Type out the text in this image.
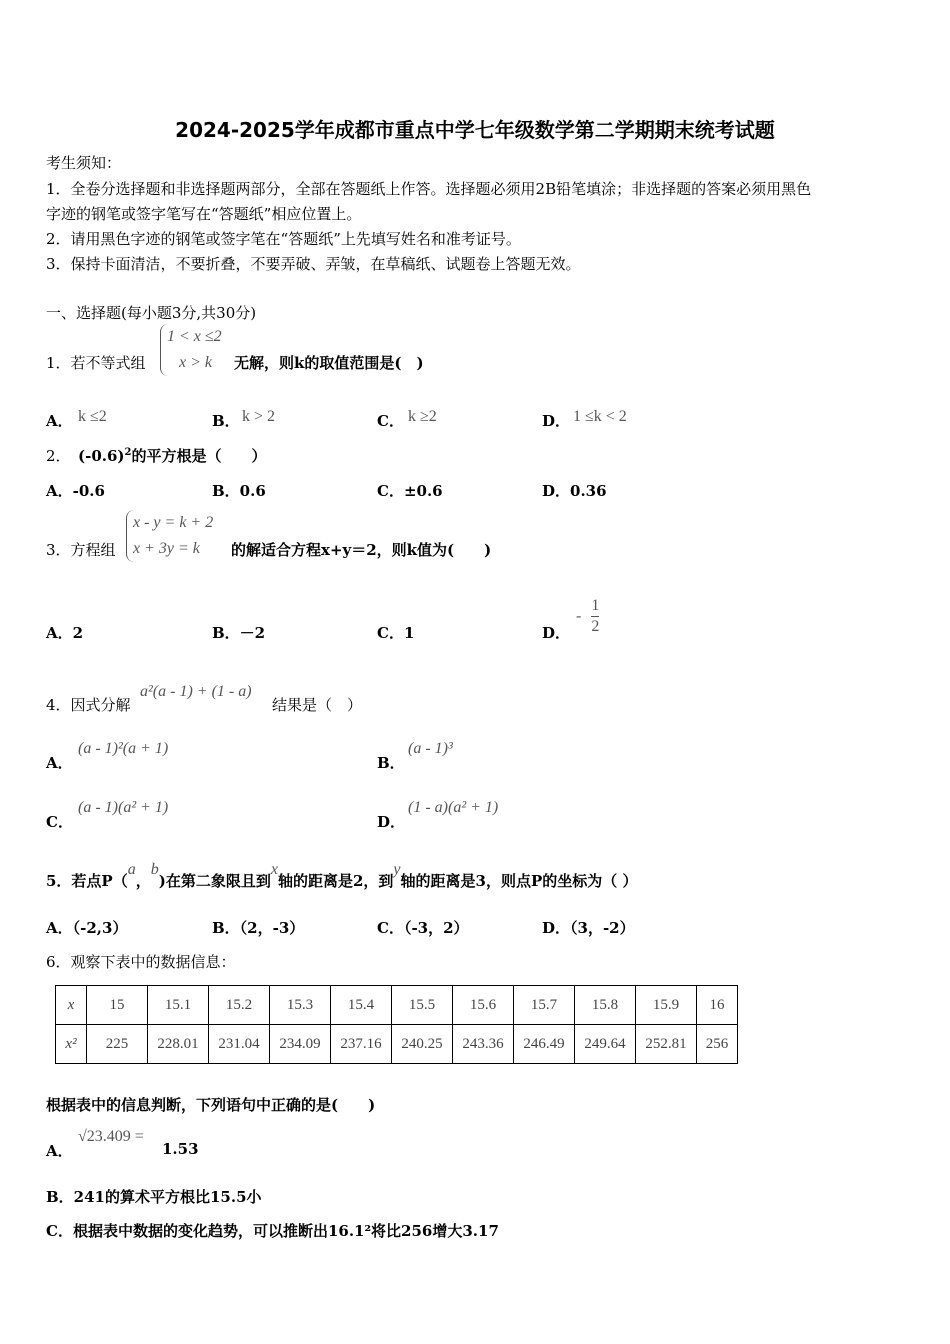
2024-2025学年成都市重点中学七年级数学第二学期期末统考试题
考生须知：
1．全卷分选择题和非选择题两部分，全部在答题纸上作答。选择题必须用2B铅笔填涂；非选择题的答案必须用黑色
字迹的钢笔或签字笔写在“答题纸”相应位置上。
2．请用黑色字迹的钢笔或签字笔在“答题纸”上先填写姓名和准考证号。
3．保持卡面清洁，不要折叠，不要弄破、弄皱，在草稿纸、试题卷上答题无效。
一、选择题(每小题3分,共30分)
1．若不等式组
1 < x ≤2
x > k	无解，则k的取值范围是(　)
A． k ≤2	B． k > 2	C． k ≥2	D． 1 ≤k < 2
2． $(-0.6)^2$的平方根是（　　）
A．-0.6	B．0.6	C．±0.6	D．0.36
3．方程组
x - y = k + 2
x + 3y = k	的解适合方程x+y＝2，则k值为(　　)
A．2	B．－2	C．1	D．
- $\frac{1}{2}$
4．因式分解
a²(a - 1) + (1 - a)
结果是（　）
A．
(a - 1)²(a + 1)
B．
(a - 1)³
C．
(a - 1)(a² + 1)
D．
(1 - a)(a² + 1)
5．若点P（a，b)在第二象限且到x轴的距离是2，到y轴的距离是3，则点P的坐标为（ ）
A．（-2,3）	B．（2，-3）	C．（-3，2）	D．（3，-2）
6．观察下表中的数据信息：
x	15	15.1	15.2	15.3	15.4	15.5	15.6	15.7	15.8	15.9	16
x²	225	228.01	231.04	234.09	237.16	240.25	243.36	246.49	249.64	252.81	256
根据表中的信息判断，下列语句中正确的是(　　)
A．
√23.409 =
1.53
B．241的算术平方根比15.5小
C．根据表中数据的变化趋势，可以推断出16.1²将比256增大3.17
